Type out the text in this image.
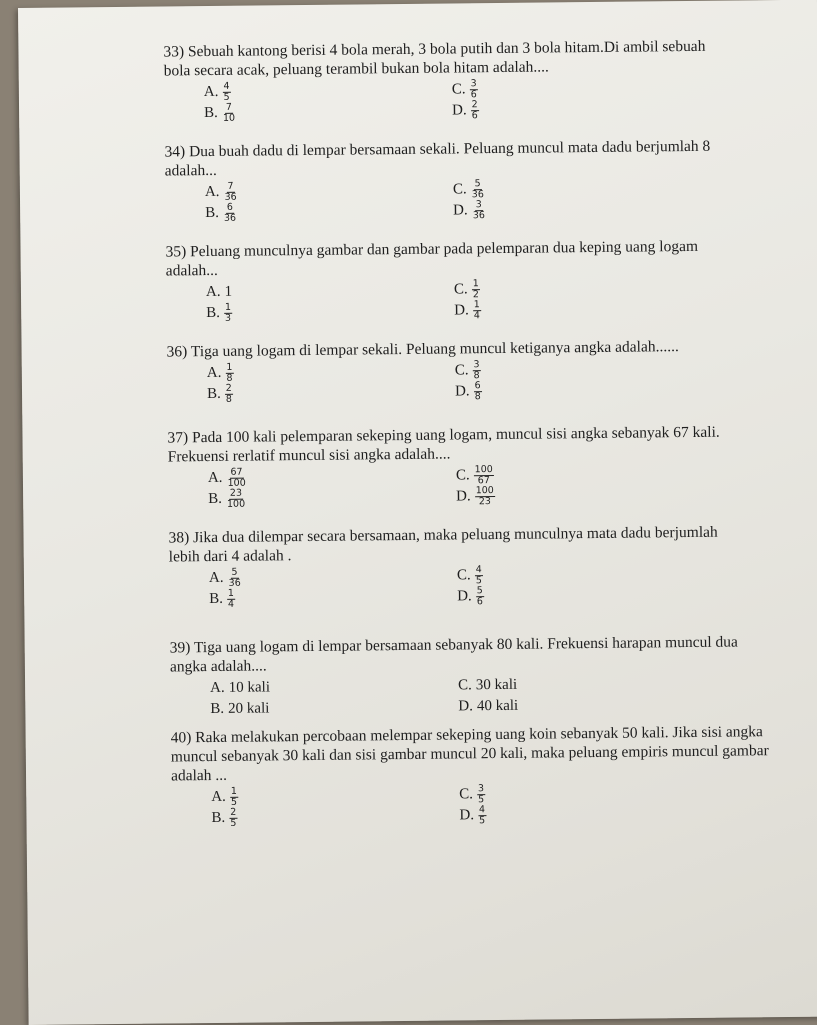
33) Sebuah kantong berisi 4 bola merah, 3 bola putih dan 3 bola hitam.Di ambil sebuah bola secara acak, peluang terambil bukan bola hitam adalah....
A. $\frac{4}{5}$	C. $\frac{3}{6}$
B. $\frac{7}{10}$	D. $\frac{2}{6}$
34) Dua buah dadu di lempar bersamaan sekali. Peluang muncul mata dadu berjumlah 8 adalah...
A. $\frac{7}{36}$	C. $\frac{5}{36}$
B. $\frac{6}{36}$	D. $\frac{3}{36}$
35) Peluang munculnya gambar dan gambar pada pelemparan dua keping uang logam adalah...
A. 1	C. $\frac{1}{2}$
B. $\frac{1}{3}$	D. $\frac{1}{4}$
36) Tiga uang logam di lempar sekali. Peluang muncul ketiganya angka adalah......
A. $\frac{1}{8}$	C. $\frac{3}{8}$
B. $\frac{2}{8}$	D. $\frac{6}{8}$
37) Pada 100 kali pelemparan sekeping uang logam, muncul sisi angka sebanyak 67 kali. Frekuensi rerlatif muncul sisi angka adalah....
A. $\frac{67}{100}$	C. $\frac{100}{67}$
B. $\frac{23}{100}$	D. $\frac{100}{23}$
38) Jika dua dilempar secara bersamaan, maka peluang munculnya mata dadu berjumlah lebih dari 4 adalah .
A. $\frac{5}{36}$	C. $\frac{4}{5}$
B. $\frac{1}{4}$	D. $\frac{5}{6}$
39) Tiga uang logam di lempar bersamaan sebanyak 80 kali. Frekuensi harapan muncul dua angka adalah....
A. 10 kali	C. 30 kali
B. 20 kali	D. 40 kali
40) Raka melakukan percobaan melempar sekeping uang koin sebanyak 50 kali. Jika sisi angka muncul sebanyak 30 kali dan sisi gambar muncul 20 kali, maka peluang empiris muncul gambar adalah ...
A. $\frac{1}{5}$	C. $\frac{3}{5}$
B. $\frac{2}{5}$	D. $\frac{4}{5}$
